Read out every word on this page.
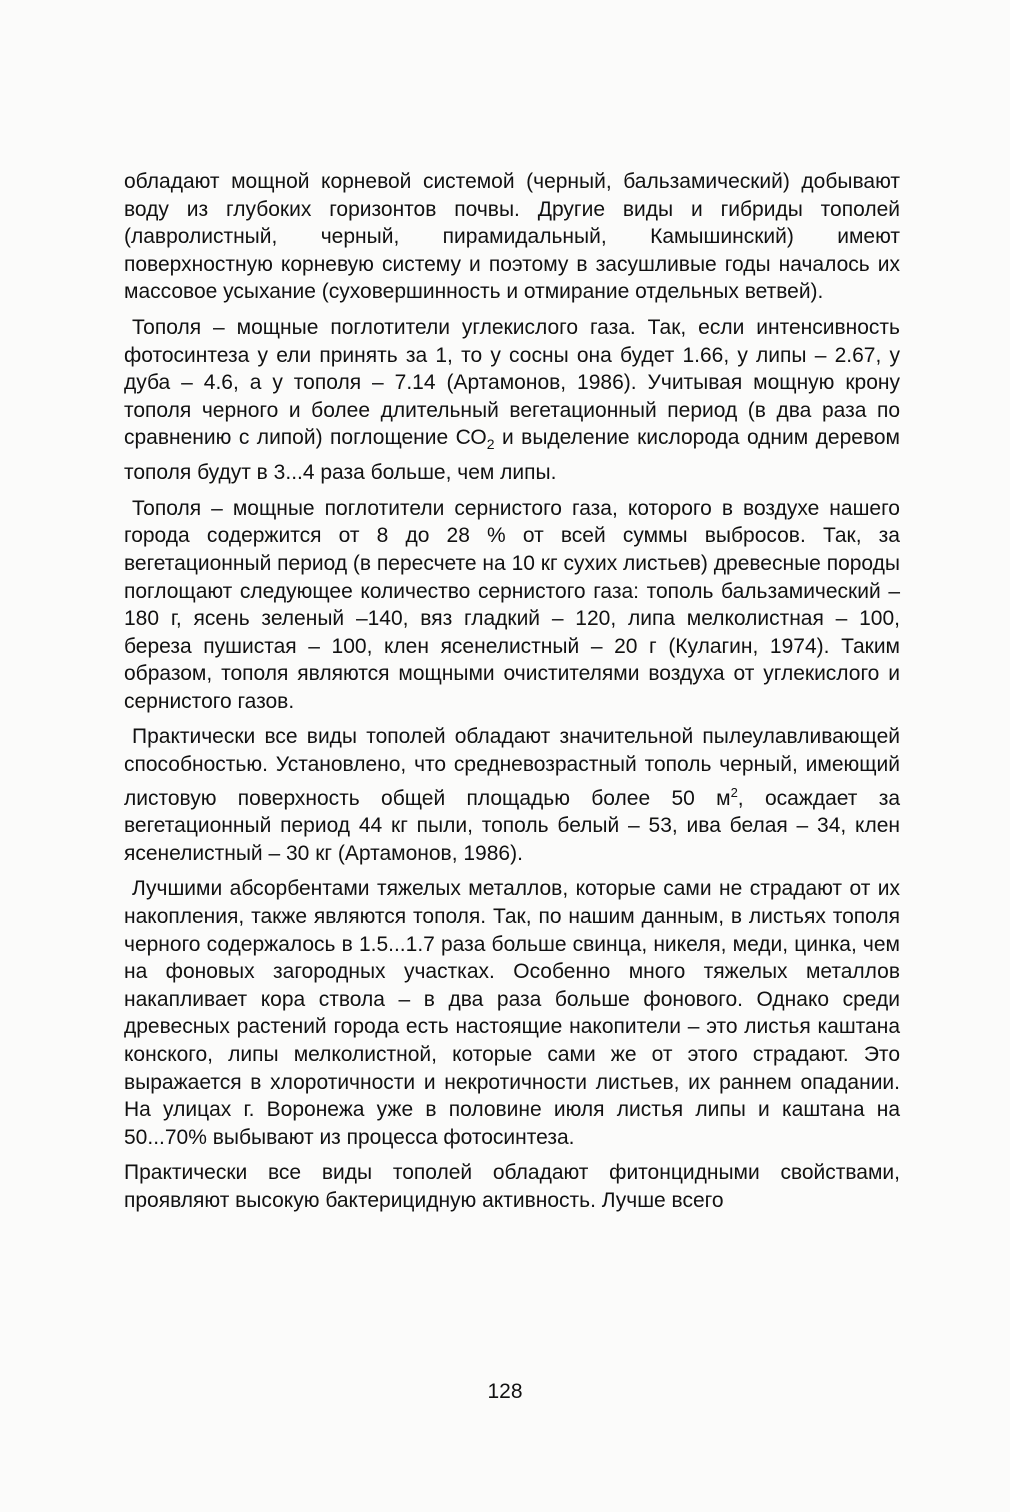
обладают мощной корневой системой (черный, бальзамический) добывают воду из глубоких горизонтов почвы. Другие виды и гибриды тополей (лавролистный, черный, пирамидальный, Камышинский) имеют поверхностную корневую систему и поэтому в засушливые годы началось их массовое усыхание (суховершинность и отмирание отдельных ветвей).

Тополя – мощные поглотители углекислого газа. Так, если интенсивность фотосинтеза у ели принять за 1, то у сосны она будет 1.66, у липы – 2.67, у дуба – 4.6, а у тополя – 7.14 (Артамонов, 1986). Учитывая мощную крону тополя черного и более длительный вегетационный период (в два раза по сравнению с липой) поглощение $СО_2$ и выделение кислорода одним деревом тополя будут в 3...4 раза больше, чем липы.

Тополя – мощные поглотители сернистого газа, которого в воздухе нашего города содержится от 8 до 28 % от всей суммы выбросов. Так, за вегетационный период (в пересчете на 10 кг сухих листьев) древесные породы поглощают следующее количество сернистого газа: тополь бальзамический – 180 г, ясень зеленый –140, вяз гладкий – 120, липа мелколистная – 100, береза пушистая – 100, клен ясенелистный – 20 г (Кулагин, 1974). Таким образом, тополя являются мощными очистителями воздуха от углекислого и сернистого газов.

Практически все виды тополей обладают значительной пылеулавливающей способностью. Установлено, что средневозрастный тополь черный, имеющий листовую поверхность общей площадью более 50 $м^2$, осаждает за вегетационный период 44 кг пыли, тополь белый – 53, ива белая – 34, клен ясенелистный – 30 кг (Артамонов, 1986).

Лучшими абсорбентами тяжелых металлов, которые сами не страдают от их накопления, также являются тополя. Так, по нашим данным, в листьях тополя черного содержалось в 1.5...1.7 раза больше свинца, никеля, меди, цинка, чем на фоновых загородных участках. Особенно много тяжелых металлов накапливает кора ствола – в два раза больше фонового. Однако среди древесных растений города есть настоящие накопители – это листья каштана конского, липы мелколистной, которые сами же от этого страдают. Это выражается в хлоротичности и некротичности листьев, их раннем опадании. На улицах г. Воронежа уже в половине июля листья липы и каштана на 50...70% выбывают из процесса фотосинтеза.

Практически все виды тополей обладают фитонцидными свойствами, проявляют высокую бактерицидную активность. Лучше всего

128
